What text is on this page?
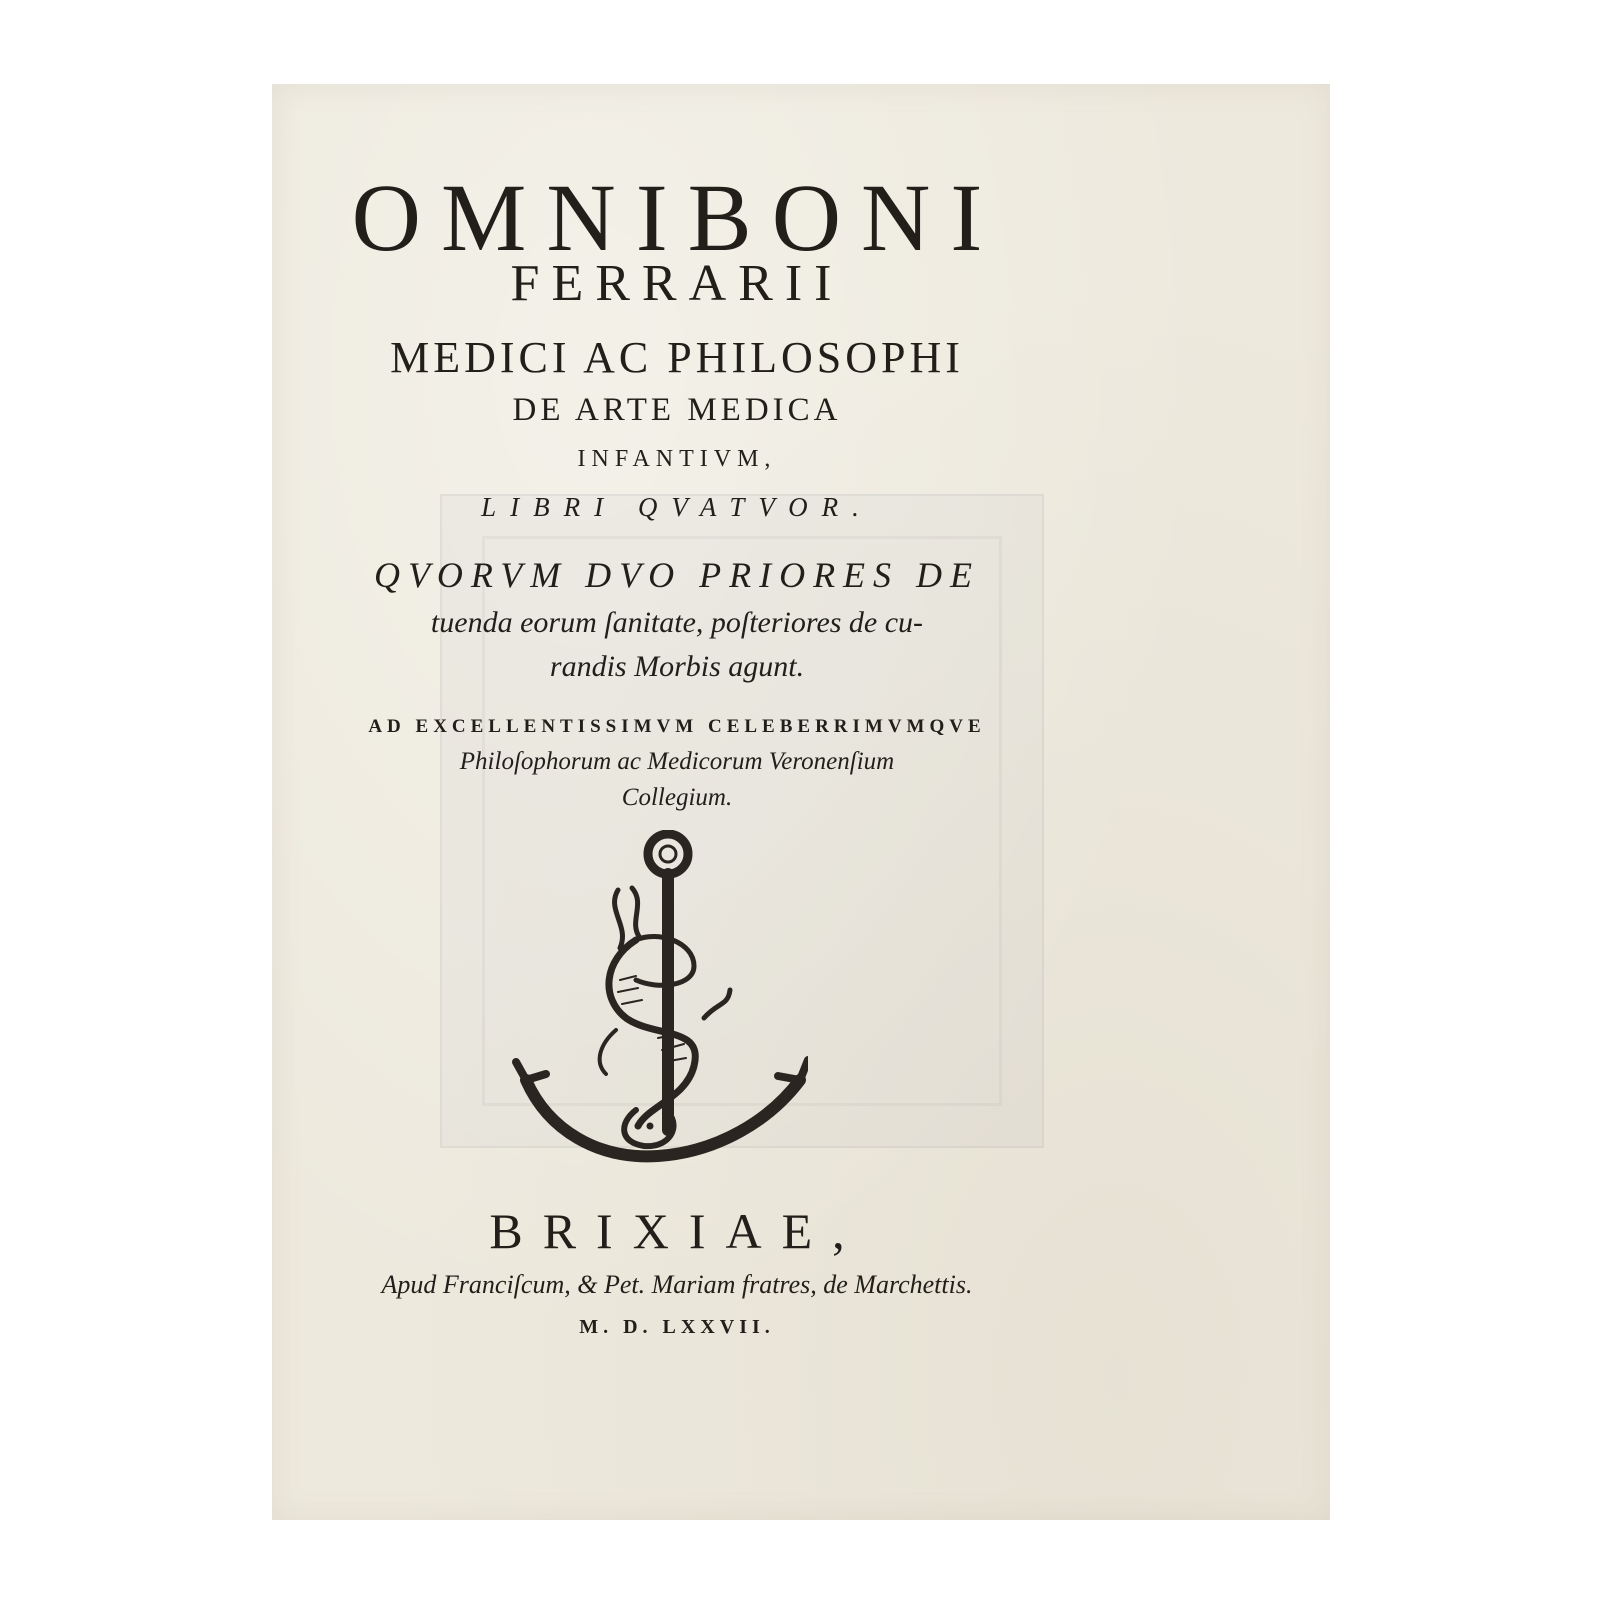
OMNIBONI
FERRARII
MEDICI AC PHILOSOPHI
DE ARTE MEDICA
INFANTIVM,
LIBRI QVATVOR.
QVORVM DVO PRIORES DE
tuenda eorum ſanitate, poſteriores de cu-
randis Morbis agunt.
AD EXCELLENTISSIMVM CELEBERRIMVMQVE
Philoſophorum ac Medicorum Veronenſium
Collegium.
BRIXIAE,
Apud Franciſcum, & Pet. Mariam fratres, de Marchettis.
M. D. LXXVII.
